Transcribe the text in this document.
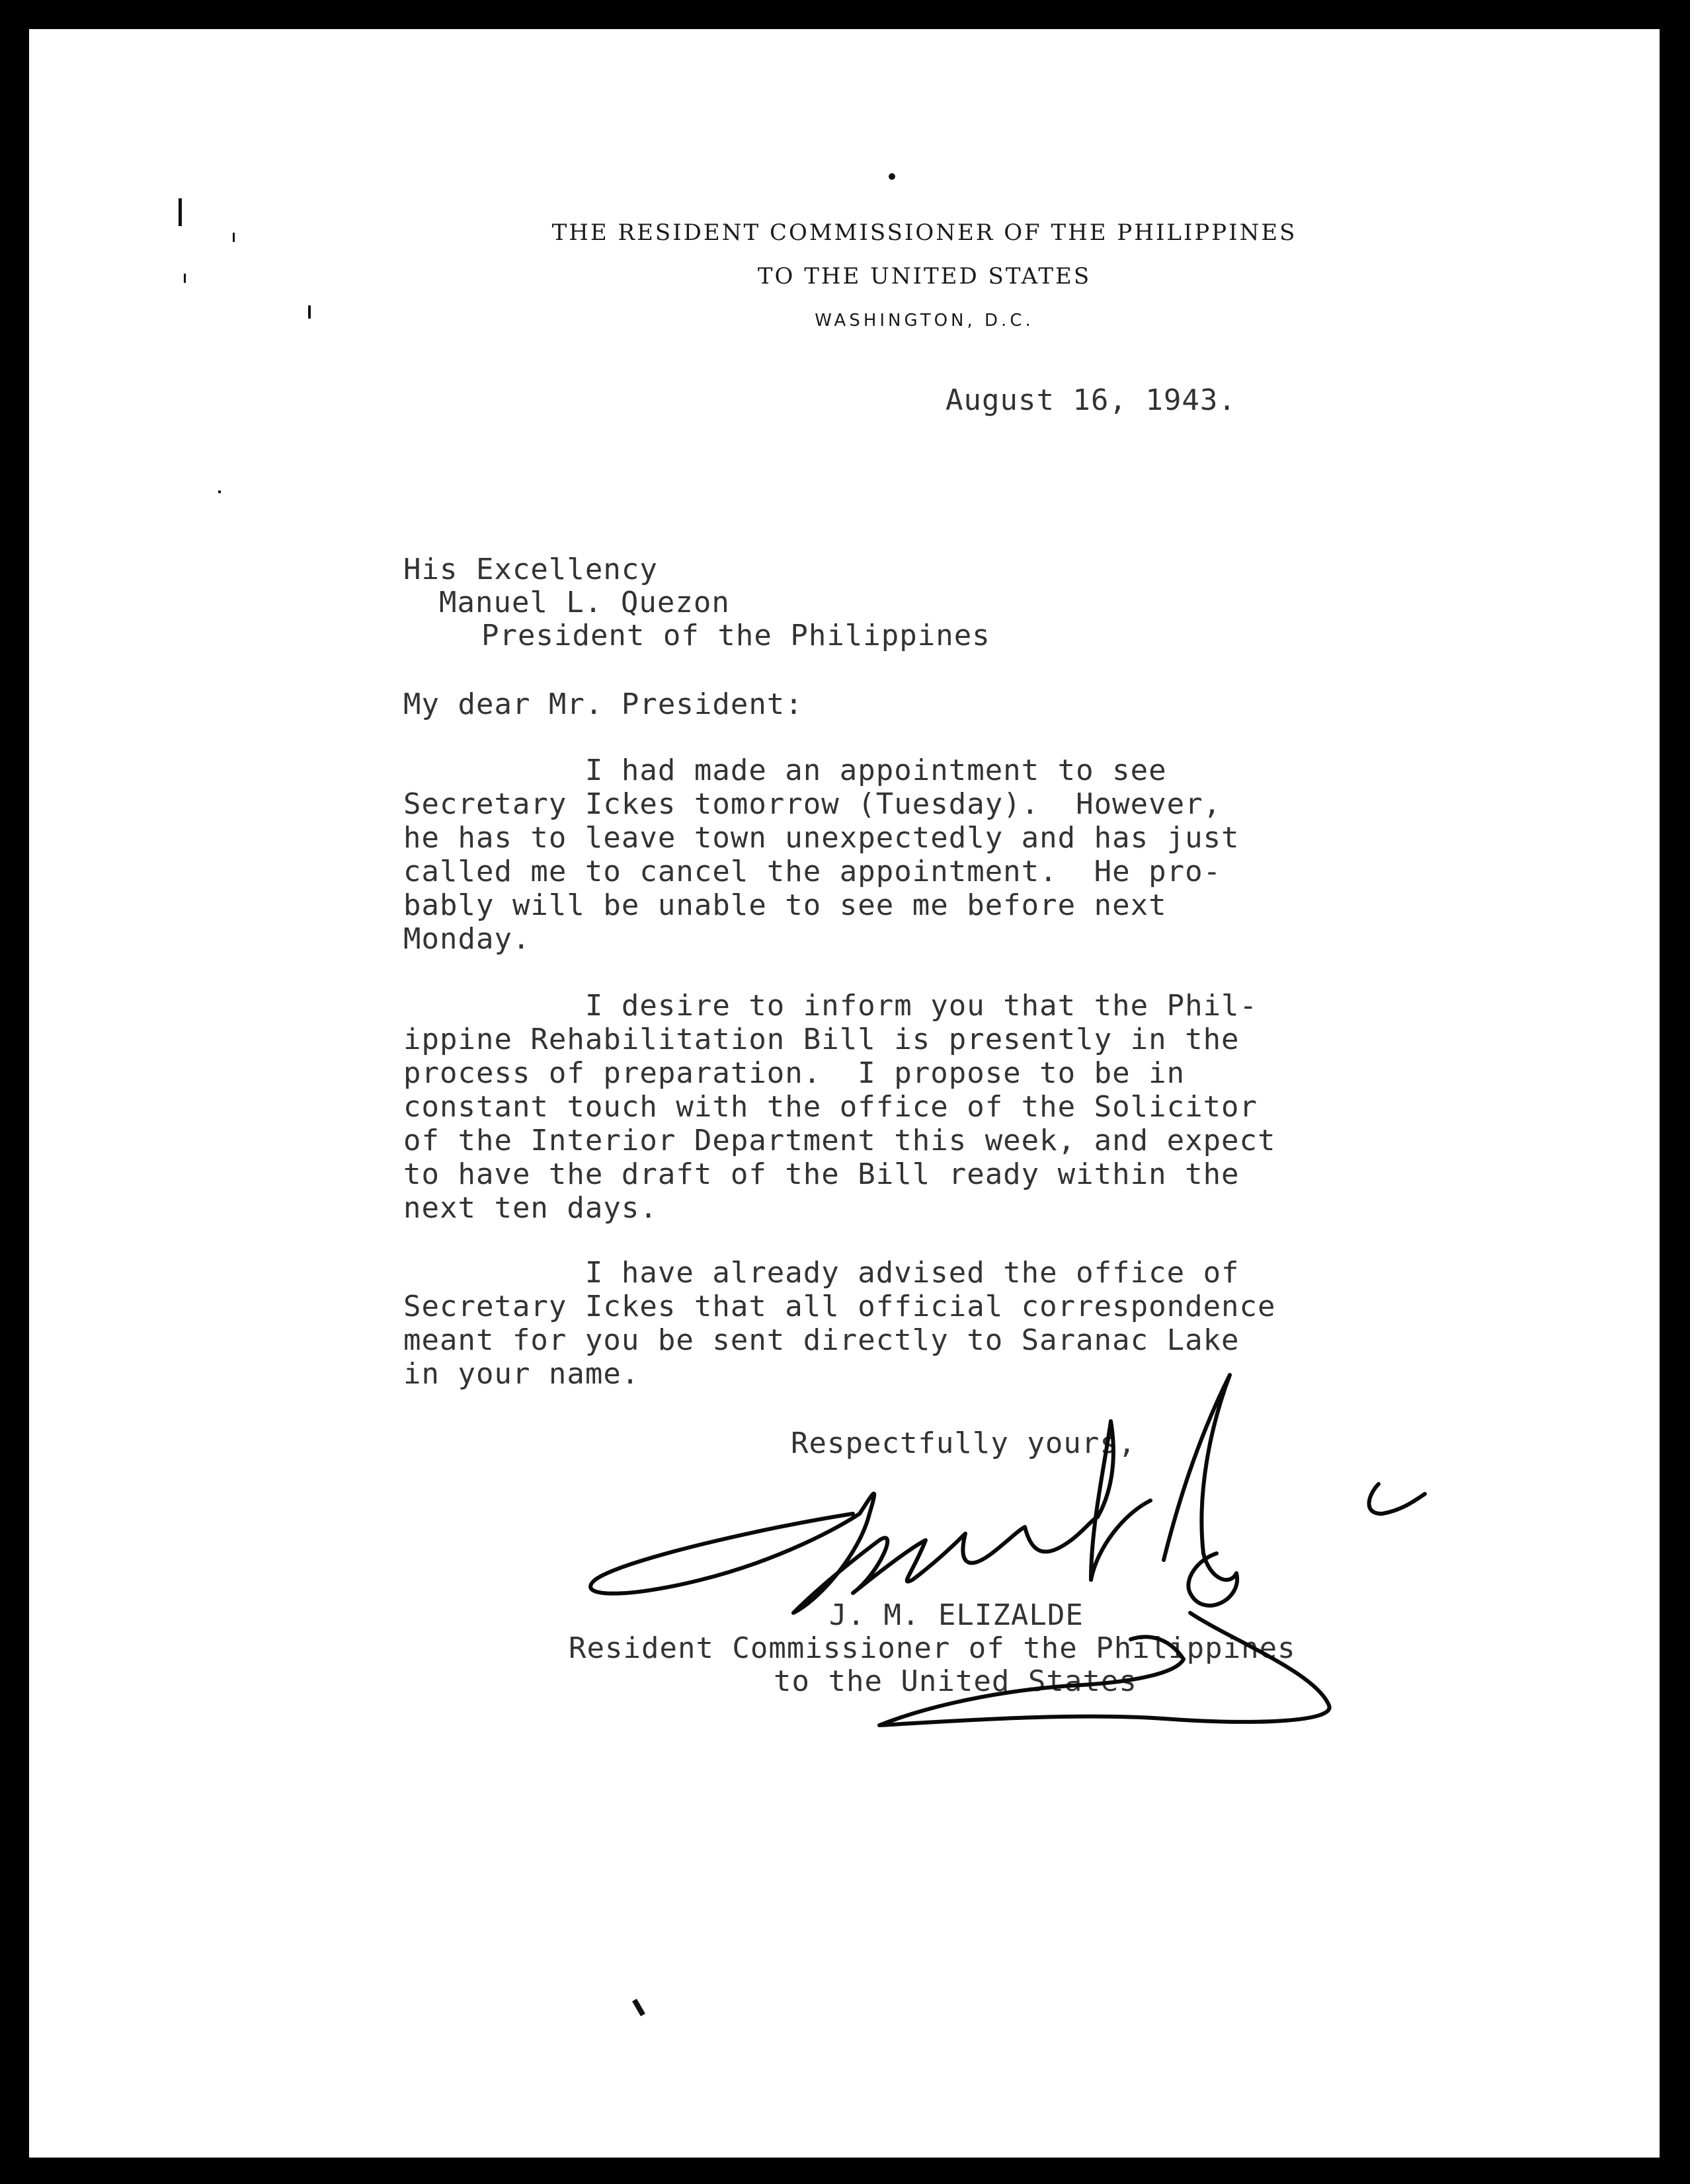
THE RESIDENT COMMISSIONER OF THE PHILIPPINES
TO THE UNITED STATES
WASHINGTON, D.C.
August 16, 1943.
His Excellency
Manuel L. Quezon
President of the Philippines
My dear Mr. President:
I had made an appointment to see
Secretary Ickes tomorrow (Tuesday).  However,
he has to leave town unexpectedly and has just
called me to cancel the appointment.  He pro-
bably will be unable to see me before next
Monday.
I desire to inform you that the Phil-
ippine Rehabilitation Bill is presently in the
process of preparation.  I propose to be in
constant touch with the office of the Solicitor
of the Interior Department this week, and expect
to have the draft of the Bill ready within the
next ten days.
I have already advised the office of
Secretary Ickes that all official correspondence
meant for you be sent directly to Saranac Lake
in your name.
Respectfully yours,
J. M. ELIZALDE
Resident Commissioner of the Philippines
to the United States
